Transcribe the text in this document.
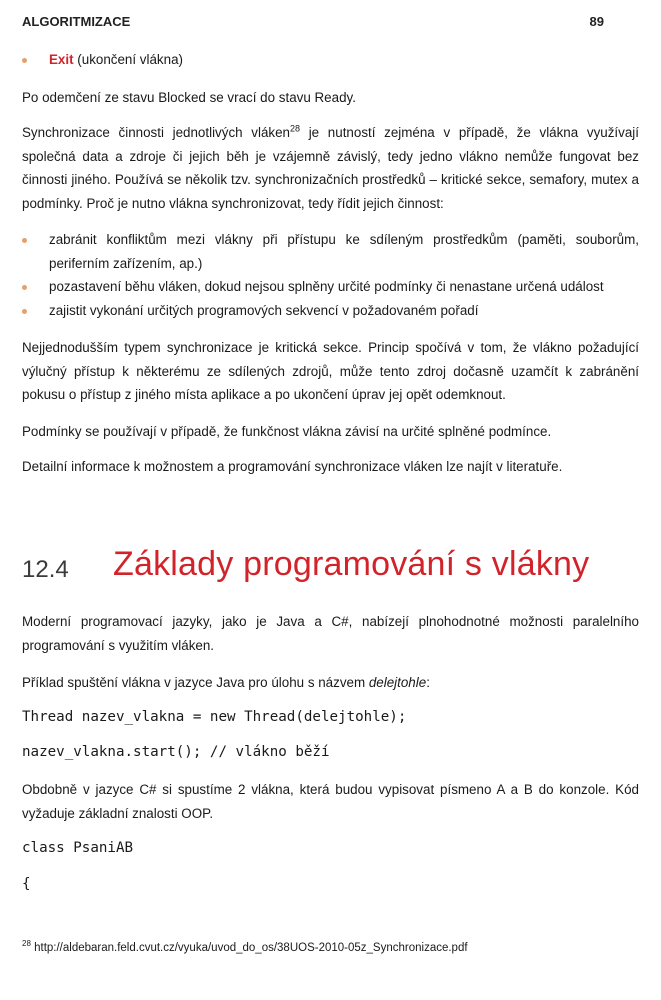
ALGORITMIZACE	89
Exit (ukončení vlákna)

Po odemčení ze stavu Blocked se vrací do stavu Ready.

Synchronizace činnosti jednotlivých vláken$^{28}$ je nutností zejména v případě, že vlákna využívají společná data a zdroje či jejich běh je vzájemně závislý, tedy jedno vlákno nemůže fungovat bez činnosti jiného. Používá se několik tzv. synchronizačních prostředků – kritické sekce, semafory, mutex a podmínky. Proč je nutno vlákna synchronizovat, tedy řídit jejich činnost:

zabránit konfliktům mezi vlákny při přístupu ke sdíleným prostředkům (paměti, souborům, periferním zařízením, ap.)
pozastavení běhu vláken, dokud nejsou splněny určité podmínky či nenastane určená událost
zajistit vykonání určitých programových sekvencí v požadovaném pořadí

Nejjednodušším typem synchronizace je kritická sekce. Princip spočívá v tom, že vlákno požadující výlučný přístup k některému ze sdílených zdrojů, může tento zdroj dočasně uzamčít k zabránění pokusu o přístup z jiného místa aplikace a po ukončení úprav jej opět odemknout.

Podmínky se používají v případě, že funkčnost vlákna závisí na určité splněné podmínce.

Detailní informace k možnostem a programování synchronizace vláken lze najít v literatuře.

12.4 Základy programování s vlákny

Moderní programovací jazyky, jako je Java a C#, nabízejí plnohodnotné možnosti paralelního programování s využitím vláken.

Příklad spuštění vlákna v jazyce Java pro úlohu s názvem delejtohle:

Thread nazev_vlakna = new Thread(delejtohle);
nazev_vlakna.start(); // vlákno běží

Obdobně v jazyce C# si spustíme 2 vlákna, která budou vypisovat písmeno A a B do konzole. Kód vyžaduje základní znalosti OOP.

class PsaniAB
{
$^{28}$ http://aldebaran.feld.cvut.cz/vyuka/uvod_do_os/38UOS-2010-05z_Synchronizace.pdf
